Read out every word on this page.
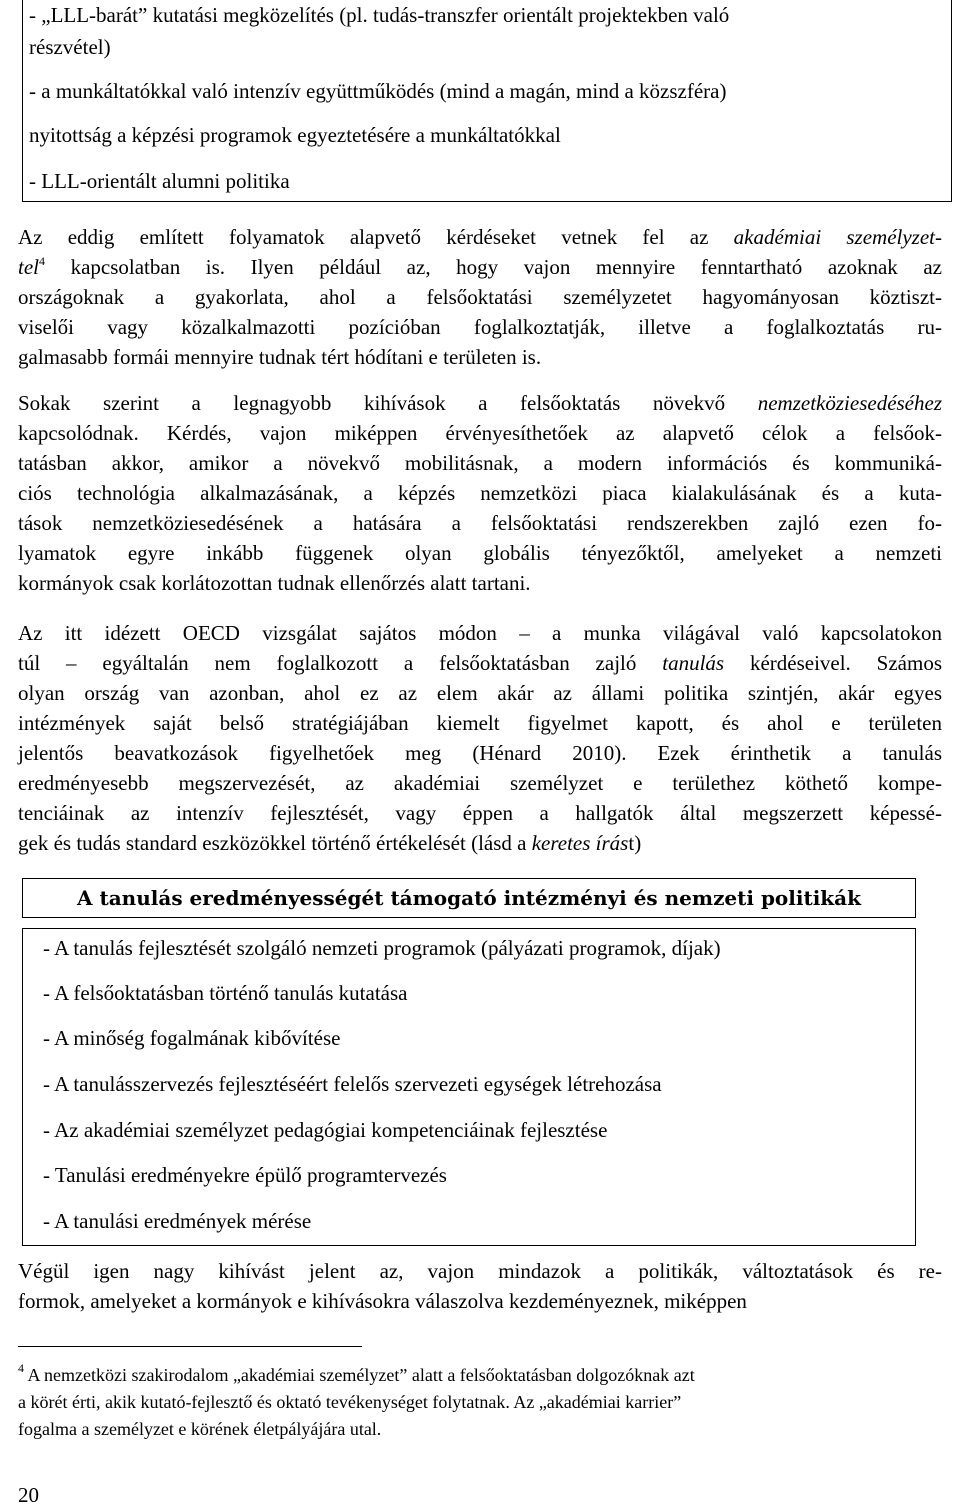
- „LLL-barát” kutatási megközelítés (pl. tudás-transzfer orientált projektekben való
részvétel)
- a munkáltatókkal való intenzív együttműködés (mind a magán, mind a közszféra)
nyitottság a képzési programok egyeztetésére a munkáltatókkal
- LLL-orientált alumni politika
Az eddig említett folyamatok alapvető kérdéseket vetnek fel az akadémiai személyzet-
tel$^4$ kapcsolatban is. Ilyen például az, hogy vajon mennyire fenntartható azoknak az
országoknak a gyakorlata, ahol a felsőoktatási személyzetet hagyományosan köztiszt-
viselői vagy közalkalmazotti pozícióban foglalkoztatják, illetve a foglalkoztatás ru-
galmasabb formái mennyire tudnak tért hódítani e területen is.
Sokak szerint a legnagyobb kihívások a felsőoktatás növekvő nemzetköziesedéséhez
kapcsolódnak. Kérdés, vajon miképpen érvényesíthetőek az alapvető célok a felsőok-
tatásban akkor, amikor a növekvő mobilitásnak, a modern információs és kommuniká-
ciós technológia alkalmazásának, a képzés nemzetközi piaca kialakulásának és a kuta-
tások nemzetköziesedésének a hatására a felsőoktatási rendszerekben zajló ezen fo-
lyamatok egyre inkább függenek olyan globális tényezőktől, amelyeket a nemzeti
kormányok csak korlátozottan tudnak ellenőrzés alatt tartani.
Az itt idézett OECD vizsgálat sajátos módon – a munka világával való kapcsolatokon
túl – egyáltalán nem foglalkozott a felsőoktatásban zajló tanulás kérdéseivel. Számos
olyan ország van azonban, ahol ez az elem akár az állami politika szintjén, akár egyes
intézmények saját belső stratégiájában kiemelt figyelmet kapott, és ahol e területen
jelentős beavatkozások figyelhetőek meg (Hénard 2010). Ezek érinthetik a tanulás
eredményesebb megszervezését, az akadémiai személyzet e területhez köthető kompe-
tenciáinak az intenzív fejlesztését, vagy éppen a hallgatók által megszerzett képessé-
gek és tudás standard eszközökkel történő értékelését (lásd a keretes írást)
A tanulás eredményességét támogató intézményi és nemzeti politikák
- A tanulás fejlesztését szolgáló nemzeti programok (pályázati programok, díjak)
- A felsőoktatásban történő tanulás kutatása
- A minőség fogalmának kibővítése
- A tanulásszervezés fejlesztéséért felelős szervezeti egységek létrehozása
- Az akadémiai személyzet pedagógiai kompetenciáinak fejlesztése
- Tanulási eredményekre épülő programtervezés
- A tanulási eredmények mérése
Végül igen nagy kihívást jelent az, vajon mindazok a politikák, változtatások és re-
formok, amelyeket a kormányok e kihívásokra válaszolva kezdeményeznek, miképpen
$^4$ A nemzetközi szakirodalom „akadémiai személyzet” alatt a felsőoktatásban dolgozóknak azt
a körét érti, akik kutató-fejlesztő és oktató tevékenységet folytatnak. Az „akadémiai karrier”
fogalma a személyzet e körének életpályájára utal.
20
